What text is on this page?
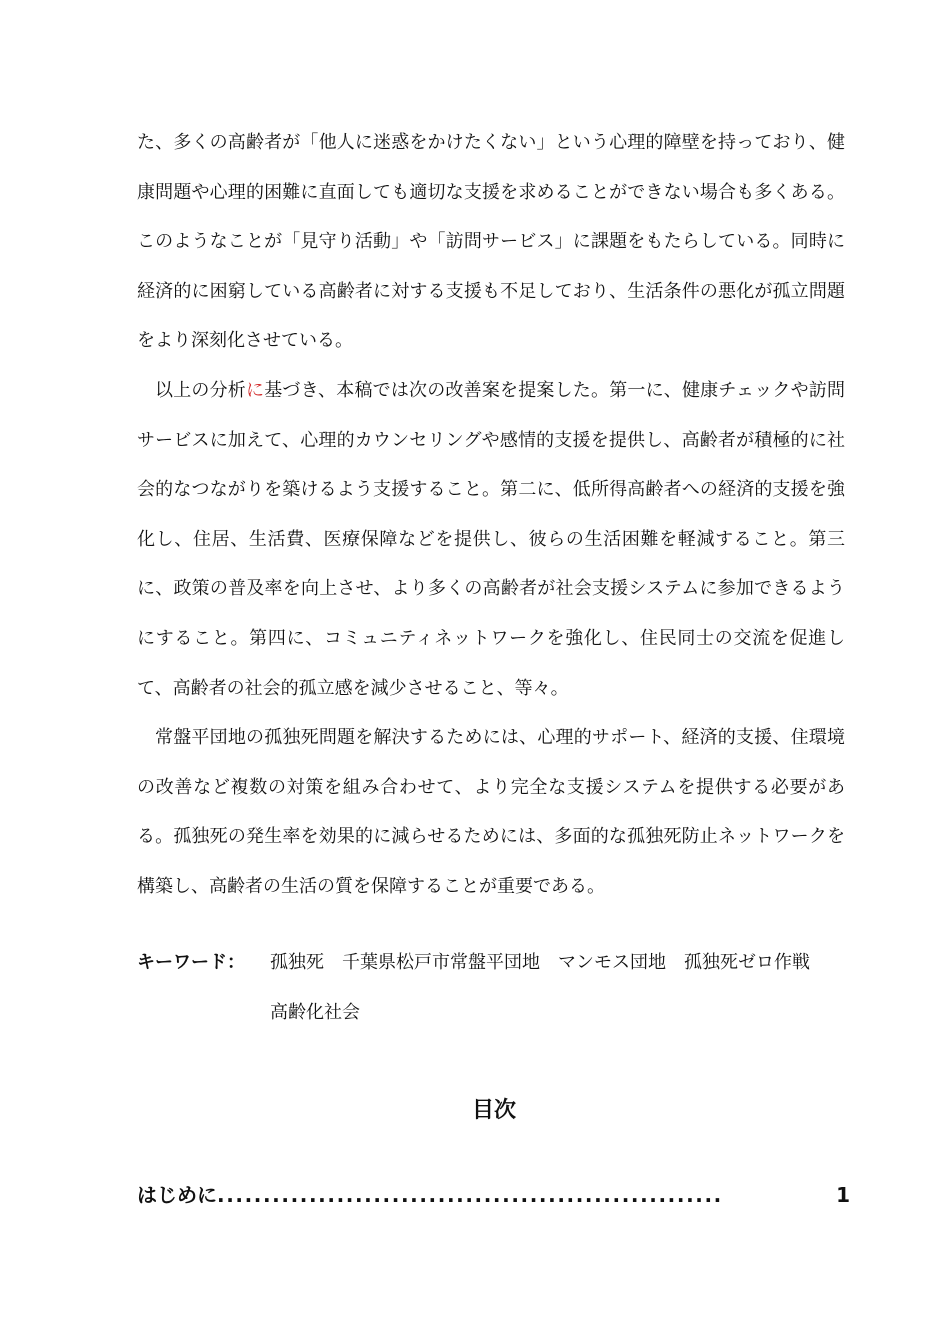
た、多くの高齢者が「他人に迷惑をかけたくない」という心理的障壁を持っており、健康問題や心理的困難に直面しても適切な支援を求めることができない場合も多くある。このようなことが「見守り活動」や「訪問サービス」に課題をもたらしている。同時に経済的に困窮している高齢者に対する支援も不足しており、生活条件の悪化が孤立問題をより深刻化させている。

以上の分析に基づき、本稿では次の改善案を提案した。第一に、健康チェックや訪問サービスに加えて、心理的カウンセリングや感情的支援を提供し、高齢者が積極的に社会的なつながりを築けるよう支援すること。第二に、低所得高齢者への経済的支援を強化し、住居、生活費、医療保障などを提供し、彼らの生活困難を軽減すること。第三に、政策の普及率を向上させ、より多くの高齢者が社会支援システムに参加できるようにすること。第四に、コミュニティネットワークを強化し、住民同士の交流を促進して、高齢者の社会的孤立感を減少させること、等々。

常盤平団地の孤独死問題を解決するためには、心理的サポート、経済的支援、住環境の改善など複数の対策を組み合わせて、より完全な支援システムを提供する必要がある。孤独死の発生率を効果的に減らせるためには、多面的な孤独死防止ネットワークを構築し、高齢者の生活の質を保障することが重要である。

キーワード：	孤独死 千葉県松戸市常盤平団地 マンモス団地 孤独死ゼロ作戦
高齢化社会
目次
はじめに .......................................................	1
